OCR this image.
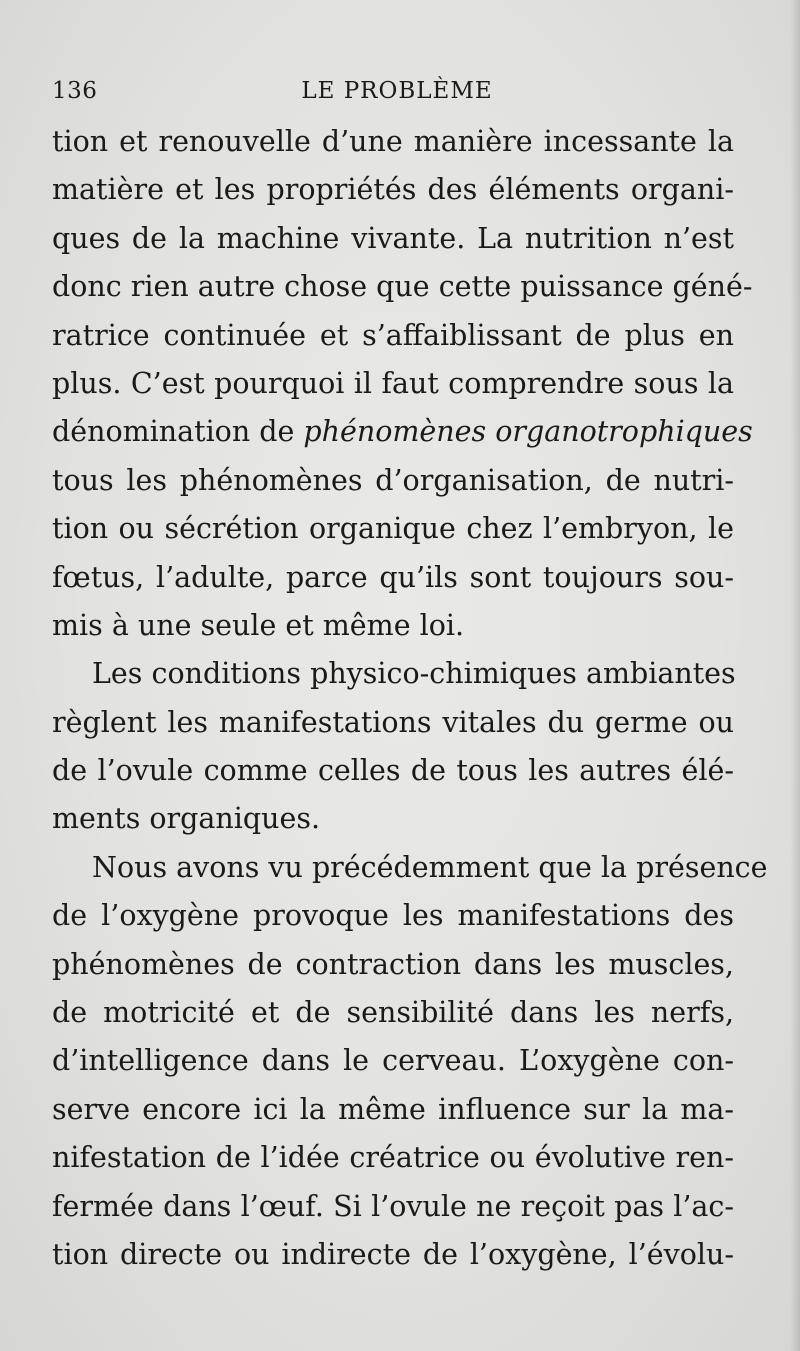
LE PROBLÈME
136
tion et renouvelle d’une manière incessante la
matière et les propriétés des éléments organi-
ques de la machine vivante. La nutrition n’est
donc rien autre chose que cette puissance géné-
ratrice continuée et s’affaiblissant de plus en
plus. C’est pourquoi il faut comprendre sous la
dénomination de phénomènes organotrophiques
tous les phénomènes d’organisation, de nutri-
tion ou sécrétion organique chez l’embryon, le
fœtus, l’adulte, parce qu’ils sont toujours sou-
mis à une seule et même loi.
Les conditions physico-chimiques ambiantes
règlent les manifestations vitales du germe ou
de l’ovule comme celles de tous les autres élé-
ments organiques.
Nous avons vu précédemment que la présence
de l’oxygène provoque les manifestations des
phénomènes de contraction dans les muscles,
de motricité et de sensibilité dans les nerfs,
d’intelligence dans le cerveau. L’oxygène con-
serve encore ici la même influence sur la ma-
nifestation de l’idée créatrice ou évolutive ren-
fermée dans l’œuf. Si l’ovule ne reçoit pas l’ac-
tion directe ou indirecte de l’oxygène, l’évolu-
